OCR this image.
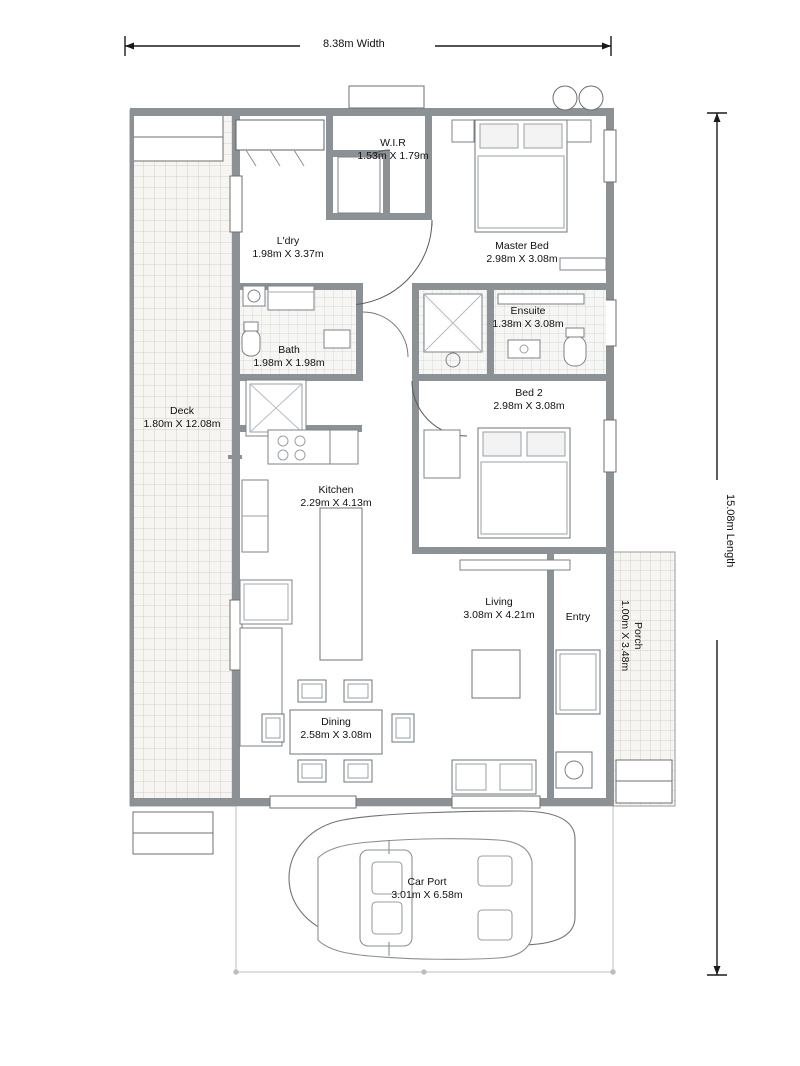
8.38m Width
15.08m Length
W.I.R
1.53m X 1.79m
Master Bed
2.98m X 3.08m
L'dry
1.98m X 3.37m
Ensuite
1.38m X 3.08m
Bath
1.98m X 1.98m
Bed 2
2.98m X 3.08m
Deck
1.80m X 12.08m
Kitchen
2.29m X 4.13m
Living
3.08m X 4.21m	Entry
Porch
1.00m X 3.48m
Dining
2.58m X 3.08m
Car Port
3.01m X 6.58m
